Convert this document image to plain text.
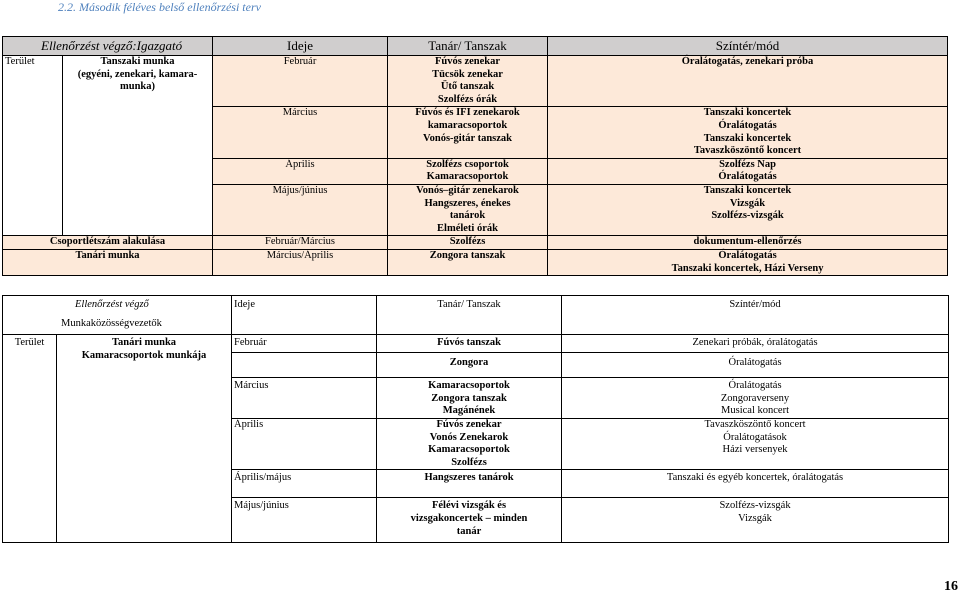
2.2. Második féléves belső ellenőrzési terv
Ellenőrzést végző:Igazgató		Ideje	Tanár/ Tanszak	Színtér/mód
Terület	Tanszaki munka
(egyéni, zenekari, kamara-
munka)	Február	Fúvós zenekar
Tücsök zenekar
Ütő tanszak
Szolfézs órák	Óralátogatás, zenekari próba
		Március	Fúvós és IFI zenekarok
kamaracsoportok
Vonós-gitár tanszak	Tanszaki koncertek
Óralátogatás
Tanszaki koncertek
Tavaszköszöntő koncert

		Április	Szolfézs csoportok
Kamaracsoportok	Szolfézs Nap
Óralátogatás

		Május/június	Vonós–gitár zenekarok
Hangszeres, énekes
tanárok
Elméleti órák	Tanszaki koncertek
Vizsgák
Szolfézs-vizsgák

Csoportlétszám alakulása		Február/Március	Szolfézs	dokumentum-ellenőrzés
Tanári munka		Március/Április	Zongora tanszak	Óralátogatás
Tanszaki koncertek, Házi Verseny
Ellenőrzést végző
Munkaközösségvezetők		Ideje	Tanár/ Tanszak	Színtér/mód
Terület	Tanári munka
Kamaracsoportok munkája	Február	Fúvós tanszak	Zenekari próbák, óralátogatás
			Zongora	Óralátogatás
		Március	Kamaracsoportok
Zongora tanszak
Magánének	Óralátogatás
Zongoraverseny
Musical koncert

		Április	Fúvós zenekar
Vonós Zenekarok
Kamaracsoportok
Szolfézs	Tavaszköszöntő koncert
Óralátogatások
Házi versenyek

		Április/május	Hangszeres tanárok	Tanszaki és egyéb koncertek, óralátogatás
		Május/június	Félévi vizsgák és
vizsgakoncertek – minden
tanár	Szolfézs-vizsgák
Vizsgák
16
